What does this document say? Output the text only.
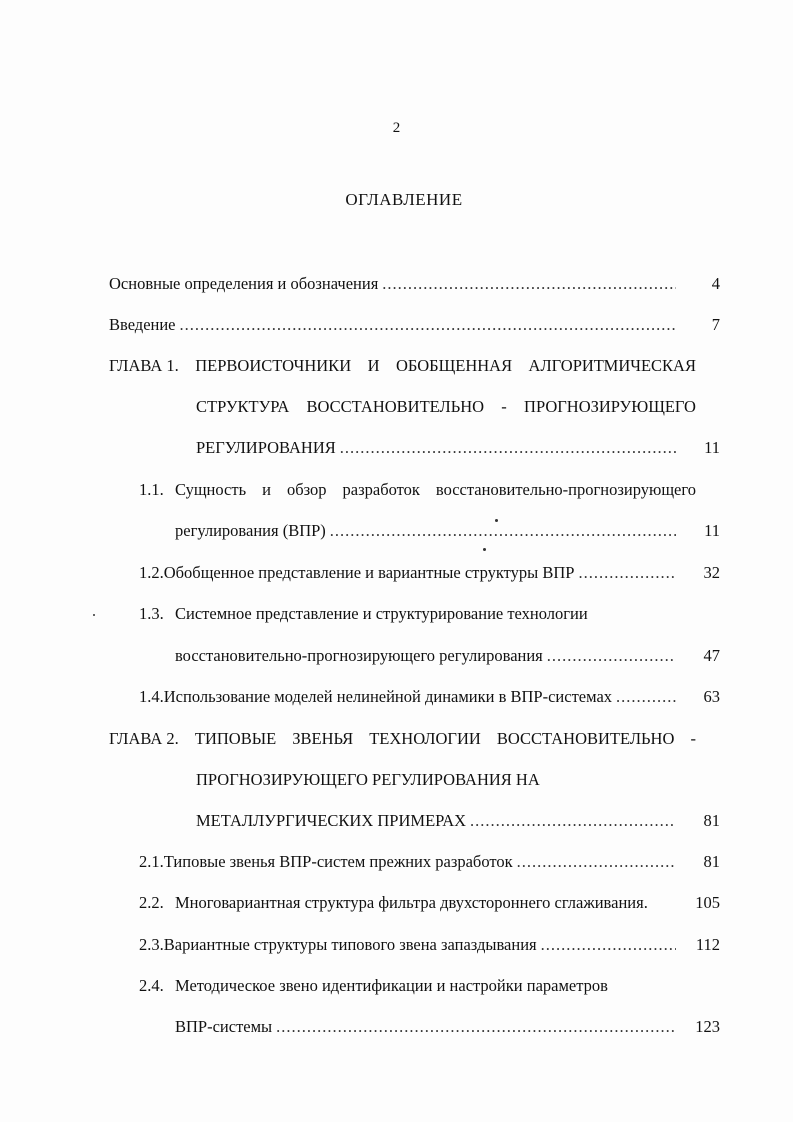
2
ОГЛАВЛЕНИЕ
Основные определения и обозначения .....	4
Введение .....	7
ГЛАВА 1. ПЕРВОИСТОЧНИКИ И ОБОБЩЕННАЯ АЛГОРИТМИЧЕСКАЯ
СТРУКТУРА ВОССТАНОВИТЕЛЬНО - ПРОГНОЗИРУЮЩЕГО
РЕГУЛИРОВАНИЯ .....	11
1.1. Сущность и обзор разработок восстановительно-прогнозирующего
регулирования (ВПР) .....	11
1.2. Обобщенное представление и вариантные структуры ВПР .....	32
1.3. Системное представление и структурирование технологии
восстановительно-прогнозирующего регулирования .....	47
1.4. Использование моделей нелинейной динамики в ВПР-системах .....	63
ГЛАВА 2. ТИПОВЫЕ ЗВЕНЬЯ ТЕХНОЛОГИИ ВОССТАНОВИТЕЛЬНО -
ПРОГНОЗИРУЮЩЕГО РЕГУЛИРОВАНИЯ НА
МЕТАЛЛУРГИЧЕСКИХ ПРИМЕРАХ .....	81
2.1. Типовые звенья ВПР-систем прежних разработок .....	81
2.2. Многовариантная структура фильтра двухстороннего сглаживания.	105
2.3. Вариантные структуры типового звена запаздывания .....	112
2.4. Методическое звено идентификации и настройки параметров
ВПР-системы .....	123
